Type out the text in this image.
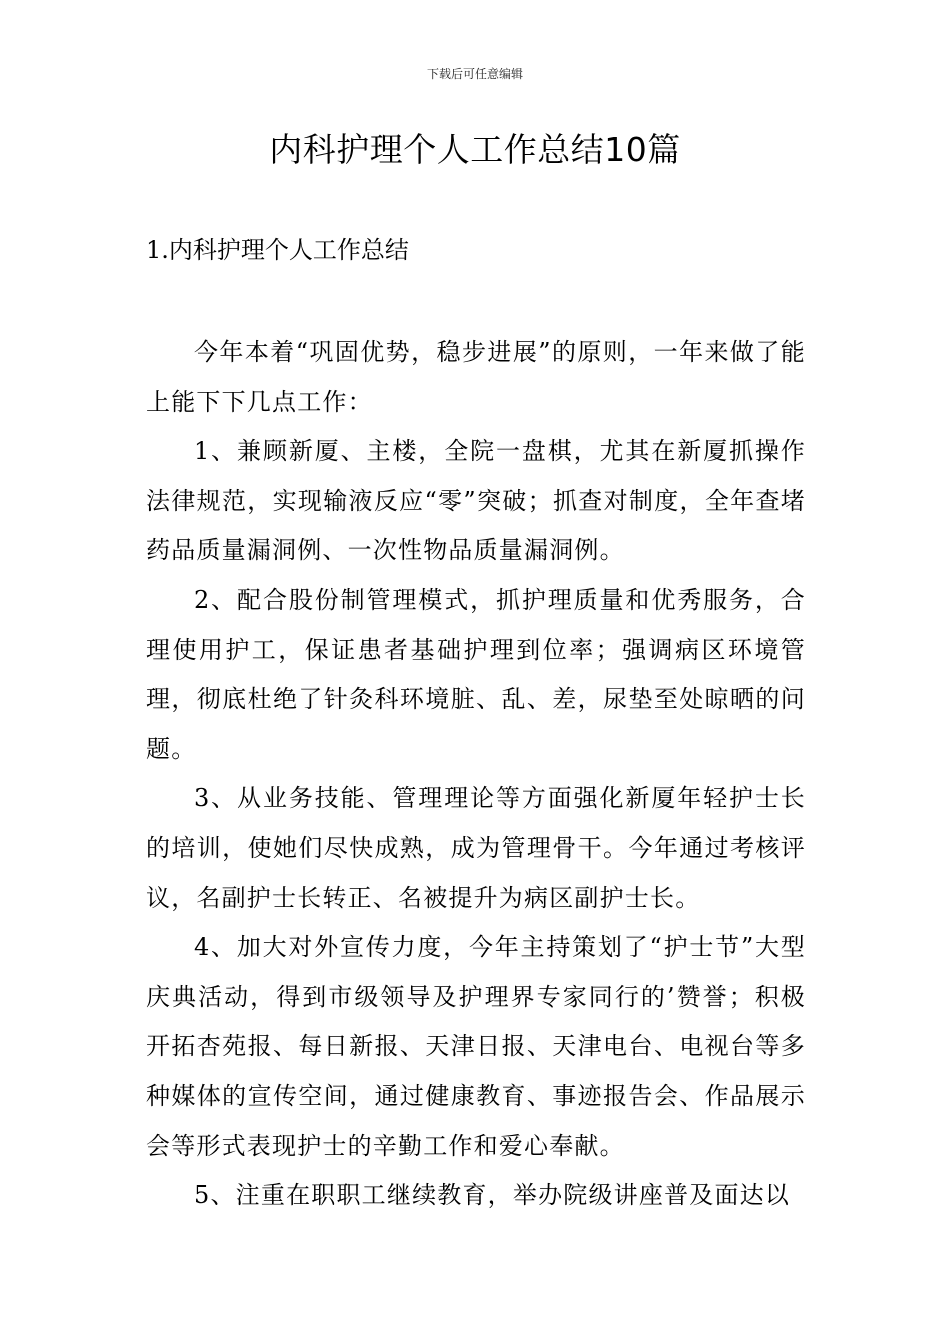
下载后可任意编辑
内科护理个人工作总结10篇
1.内科护理个人工作总结

今年本着“巩固优势，稳步进展”的原则，一年来做了能上能下下几点工作：

1、兼顾新厦、主楼，全院一盘棋，尤其在新厦抓操作法律规范，实现输液反应“零”突破；抓查对制度，全年查堵药品质量漏洞例、一次性物品质量漏洞例。

2、配合股份制管理模式，抓护理质量和优秀服务，合理使用护工，保证患者基础护理到位率；强调病区环境管理，彻底杜绝了针灸科环境脏、乱、差，尿垫至处晾晒的问题。

3、从业务技能、管理理论等方面强化新厦年轻护士长的培训，使她们尽快成熟，成为管理骨干。今年通过考核评议，名副护士长转正、名被提升为病区副护士长。

4、加大对外宣传力度，今年主持策划了“护士节”大型庆典活动，得到市级领导及护理界专家同行的’赞誉；积极开拓杏苑报、每日新报、天津日报、天津电台、电视台等多种媒体的宣传空间，通过健康教育、事迹报告会、作品展示会等形式表现护士的辛勤工作和爱心奉献。

5、注重在职职工继续教育，举办院级讲座普及面达以
